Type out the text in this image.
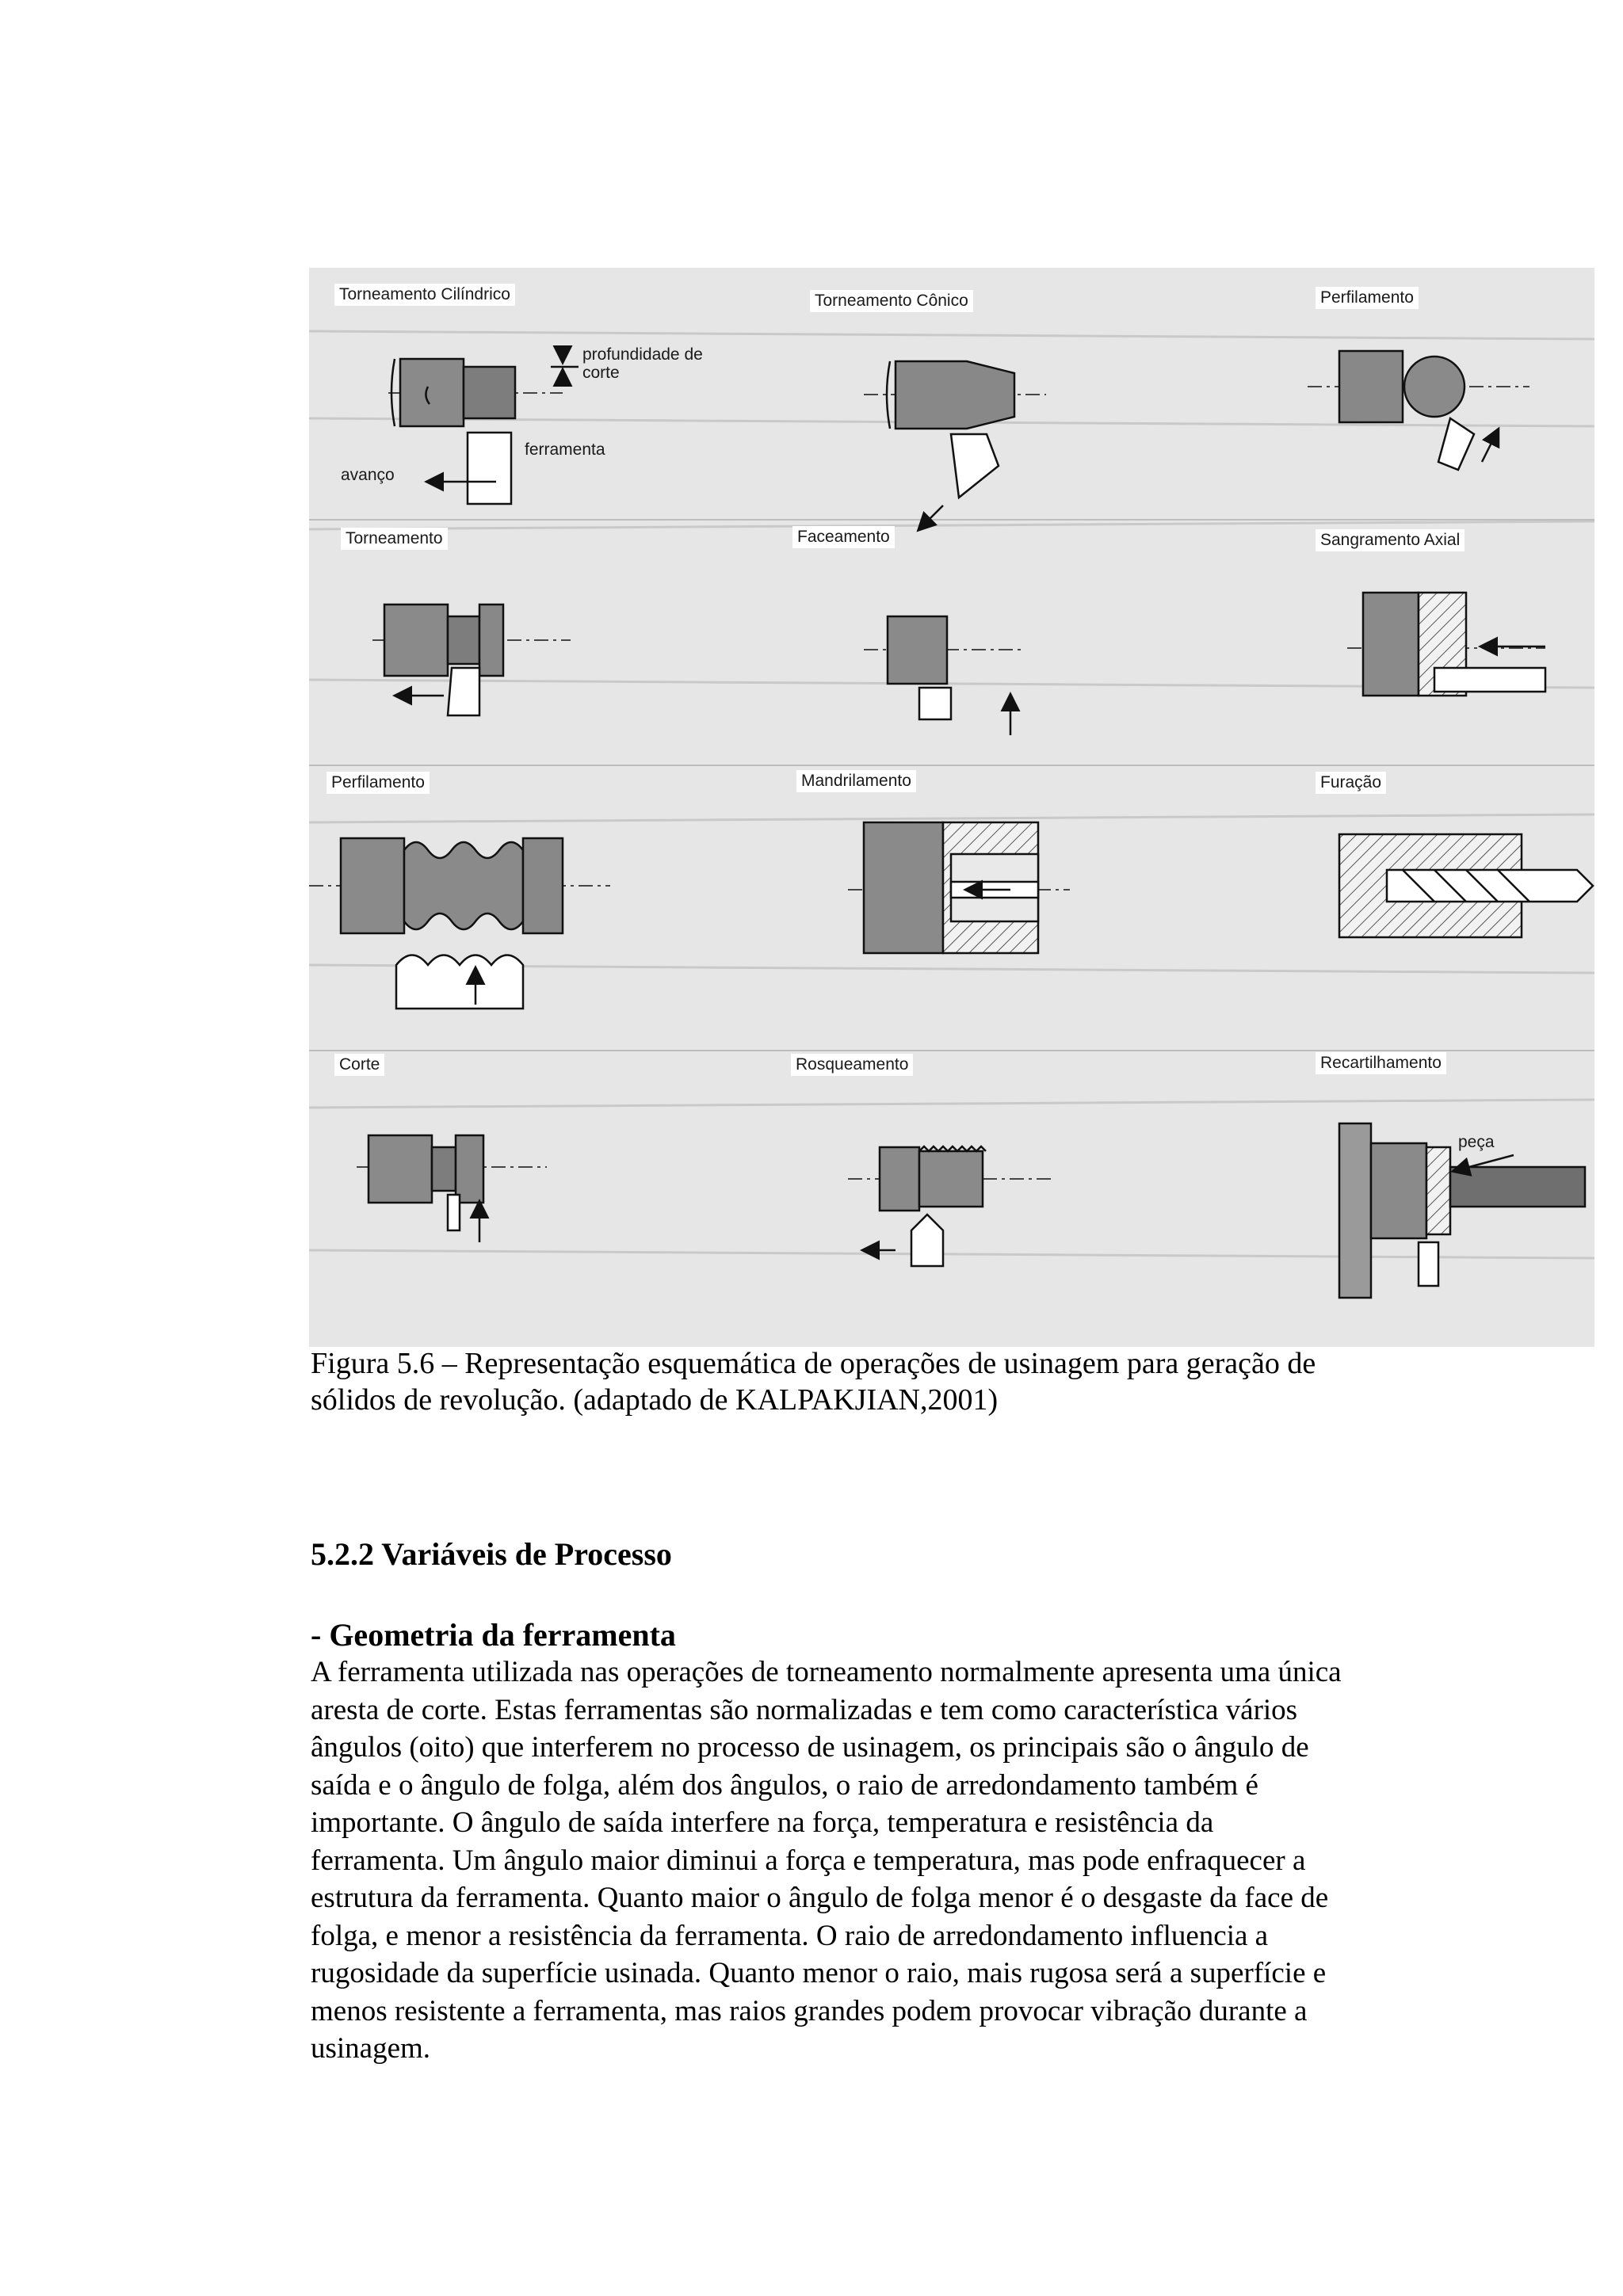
Torneamento Cilíndrico	Torneamento Cônico	Perfilamento
Torneamento	Faceamento	Sangramento Axial
Perfilamento	Mandrilamento	Furação
Corte	Rosqueamento	Recartilhamento
profundidade de
corte
ferramenta
avanço
peça

Figura 5.6 – Representação esquemática de operações de usinagem para geração de
sólidos de revolução. (adaptado de KALPAKJIAN,2001)

5.2.2 Variáveis de Processo
- Geometria da ferramenta

A ferramenta utilizada nas operações de torneamento normalmente apresenta uma única
aresta de corte. Estas ferramentas são normalizadas e tem como característica vários
ângulos (oito) que interferem no processo de usinagem, os principais são o ângulo de
saída e o ângulo de folga, além dos ângulos, o raio de arredondamento também é
importante. O ângulo de saída interfere na força, temperatura e resistência da
ferramenta. Um ângulo maior diminui a força e temperatura, mas pode enfraquecer a
estrutura da ferramenta. Quanto maior o ângulo de folga menor é o desgaste da face de
folga, e menor a resistência da ferramenta. O raio de arredondamento influencia a
rugosidade da superfície usinada. Quanto menor o raio, mais rugosa será a superfície e
menos resistente a ferramenta, mas raios grandes podem provocar vibração durante a
usinagem.
